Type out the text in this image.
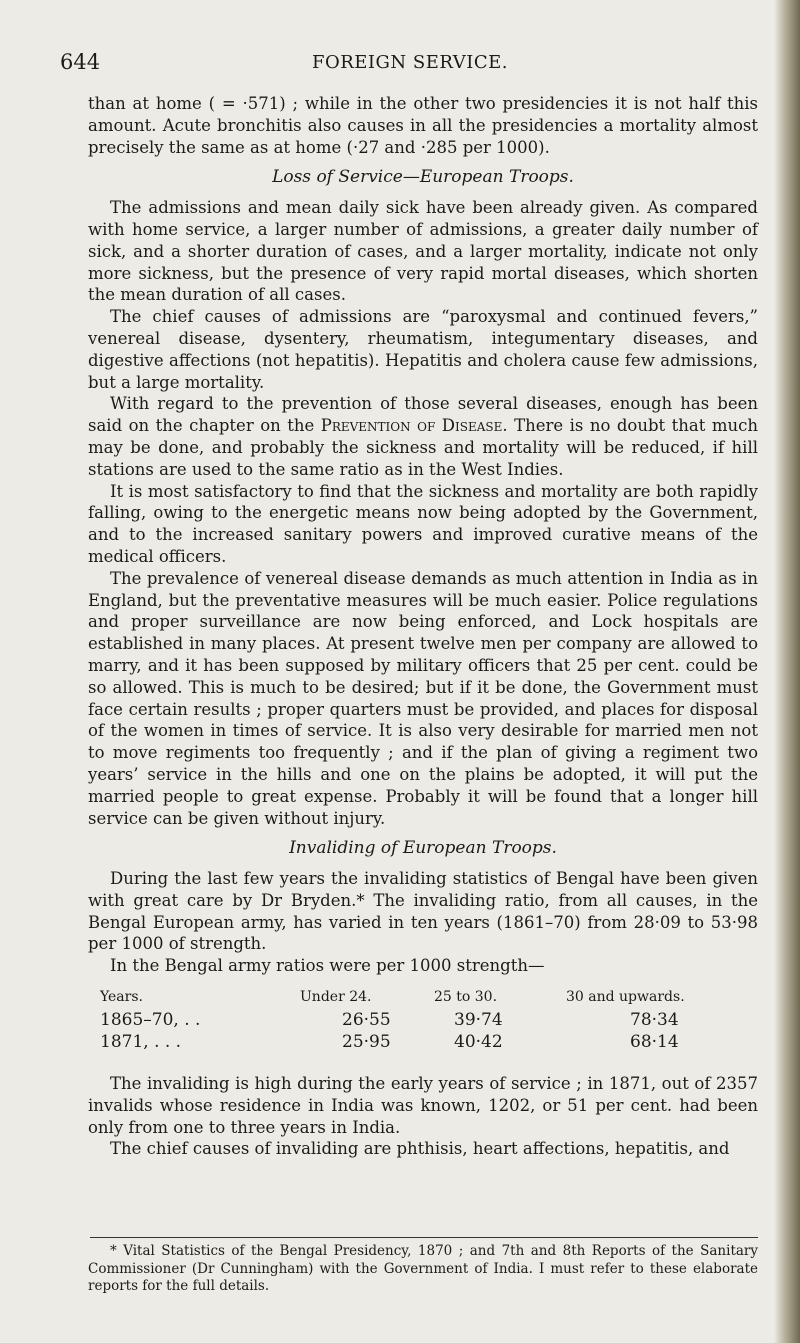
644	FOREIGN SERVICE.

than at home ( = ·571) ; while in the other two presidencies it is not half this amount. Acute bronchitis also causes in all the presidencies a mortality almost precisely the same as at home (·27 and ·285 per 1000).

Loss of Service—European Troops.

The admissions and mean daily sick have been already given. As compared with home service, a larger number of admissions, a greater daily number of sick, and a shorter duration of cases, and a larger mortality, indicate not only more sickness, but the presence of very rapid mortal diseases, which shorten the mean duration of all cases.

The chief causes of admissions are “paroxysmal and continued fevers,” venereal disease, dysentery, rheumatism, integumentary diseases, and digestive affections (not hepatitis). Hepatitis and cholera cause few admissions, but a large mortality.

With regard to the prevention of those several diseases, enough has been said on the chapter on the Prevention of Disease. There is no doubt that much may be done, and probably the sickness and mortality will be reduced, if hill stations are used to the same ratio as in the West Indies.

It is most satisfactory to find that the sickness and mortality are both rapidly falling, owing to the energetic means now being adopted by the Government, and to the increased sanitary powers and improved curative means of the medical officers.

The prevalence of venereal disease demands as much attention in India as in England, but the preventative measures will be much easier. Police regulations and proper surveillance are now being enforced, and Lock hospitals are established in many places. At present twelve men per company are allowed to marry, and it has been supposed by military officers that 25 per cent. could be so allowed. This is much to be desired; but if it be done, the Government must face certain results ; proper quarters must be provided, and places for disposal of the women in times of service. It is also very desirable for married men not to move regiments too frequently ; and if the plan of giving a regiment two years’ service in the hills and one on the plains be adopted, it will put the married people to great expense. Probably it will be found that a longer hill service can be given without injury.

Invaliding of European Troops.

During the last few years the invaliding statistics of Bengal have been given with great care by Dr Bryden.* The invaliding ratio, from all causes, in the Bengal European army, has varied in ten years (1861–70) from 28·09 to 53·98 per 1000 of strength.

In the Bengal army ratios were per 1000 strength—

Years.	Under 24.	25 to 30.	30 and upwards.
1865–70, . .	26·55	39·74	78·34
1871, . . .	25·95	40·42	68·14

The invaliding is high during the early years of service ; in 1871, out of 2357 invalids whose residence in India was known, 1202, or 51 per cent. had been only from one to three years in India.

The chief causes of invaliding are phthisis, heart affections, hepatitis, and

* Vital Statistics of the Bengal Presidency, 1870 ; and 7th and 8th Reports of the Sanitary Commissioner (Dr Cunningham) with the Government of India. I must refer to these elaborate reports for the full details.
